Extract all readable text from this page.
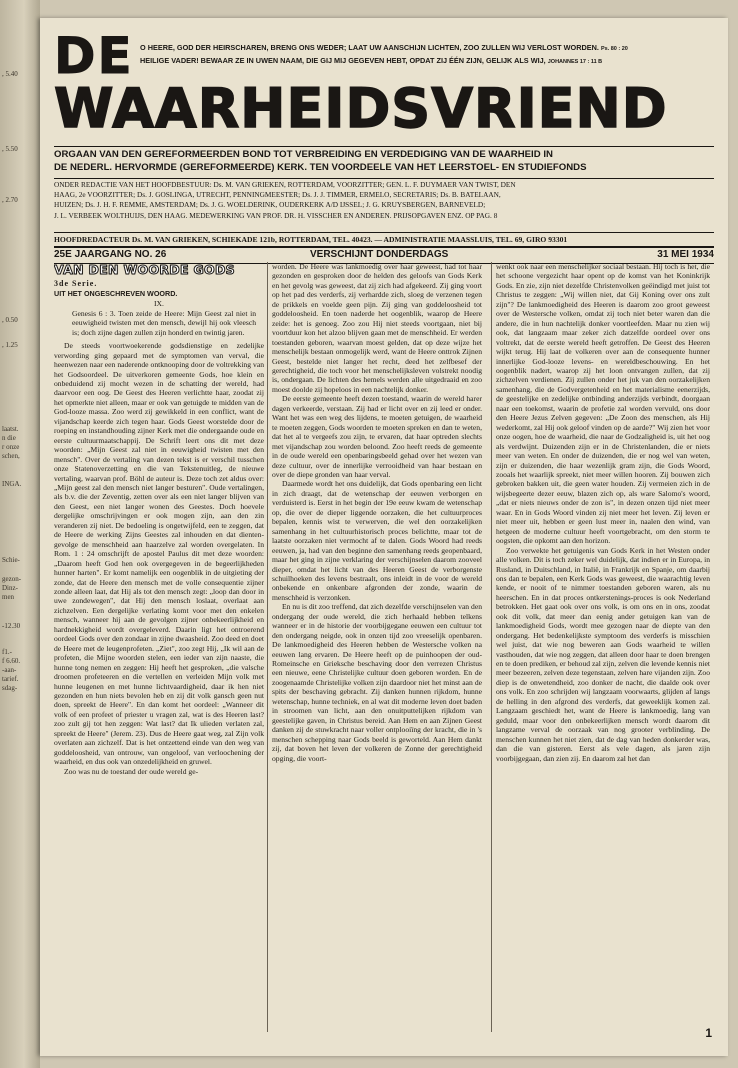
, 5.40
, 5.50
, 2.70
, 0.50
, 1.25
laatst.
n die
r onze
schen,
INGA.
Schie-
gezon-
Dinz-
men
-12.30
f1.-
f 6.60.
-aan-
tarief.
sdag-
DE O HEERE, GOD DER HEIRSCHAREN, BRENG ONS WEDER; LAAT UW AANSCHIJN LICHTEN, ZOO ZULLEN WIJ VERLOST WORDEN. Ps. 80 : 20
HEILIGE VADER! BEWAAR ZE IN UWEN NAAM, DIE GIJ MIJ GEGEVEN HEBT, OPDAT ZIJ ÉÉN ZIJN, GELIJK ALS WIJ, JOHANNES 17 : 11 B
WAARHEIDSVRIEND
ORGAAN VAN DEN GEREFORMEERDEN BOND TOT VERBREIDING EN VERDEDIGING VAN DE WAARHEID IN
DE NEDERL. HERVORMDE (GEREFORMEERDE) KERK. TEN VOORDEELE VAN HET LEERSTOEL- EN STUDIEFONDS
ONDER REDACTIE VAN HET HOOFDBESTUUR: Ds. M. VAN GRIEKEN, ROTTERDAM, VOORZITTER; GEN. L. F. DUYMAER VAN TWIST, DEN
HAAG, 2e VOORZITTER; Ds. J. GOSLINGA, UTRECHT, PENNINGMEESTER; Ds. J. J. TIMMER, ERMELO, SECRETARIS; Ds. B. BATELAAN,
HUIZEN; Ds. J. H. F. REMME, AMSTERDAM; Ds. J. G. WOELDERINK, OUDERKERK A/D IJSSEL; J. G. KRUYSBERGEN, BARNEVELD;
J. L. VERBEEK WOLTHUIJS, DEN HAAG. MEDEWERKING VAN PROF. DR. H. VISSCHER EN ANDEREN. PRIJSOPGAVEN ENZ. OP PAG. 8
HOOFDREDACTEUR Ds. M. VAN GRIEKEN, SCHIEKADE 121b, ROTTERDAM, TEL. 40423. — ADMINISTRATIE MAASSLUIS, TEL. 69, GIRO 93301
25E JAARGANG NO. 26	VERSCHIJNT DONDERDAGS	31 MEI 1934
VAN DEN WOORDE GODS
3de Serie.
UIT HET ONGESCHREVEN WOORD.
IX.
Genesis 6 : 3. Toen zeide de Heere: Mijn Geest zal niet in eeuwigheid twisten met den mensch, dewijl hij ook vleesch is; doch zijne dagen zullen zijn honderd en twintig jaren.

De steeds voortwoekerende godsdienstige en zedelijke verwording ging gepaard met de symptomen van verval, die heenwezen naar een naderende ontknooping door de voltrekking van het Godsoordeel. De uitverkoren gemeente Gods, hoe klein en onbeduidend zij mocht wezen in de schatting der wereld, had daarvoor een oog. De Geest des Heeren verlichtte haar, zoodat zij het opmerkte niet alleen, maar er ook van getuigde te midden van de God-looze massa. Zoo werd zij gewikkeld in een conflict, want de vijandschap keerde zich tegen haar. Gods Geest worstelde door de roeping en instandhouding zijner Kerk met die ondergaande oude en eerste cultuurmaatschappij. De Schrift leert ons dit met deze woorden: „Mijn Geest zal niet in eeuwigheid twisten met den mensch". Over de vertaling van dezen tekst is er verschil tusschen onze Statenoverzetting en die van Tekstenuitleg, de nieuwe vertaling, waarvan prof. Böhl de auteur is. Deze toch zet aldus over: „Mijn geest zal den mensch niet langer besturen". Oude vertalingen, als b.v. die der Zeventig, zetten over als een niet langer blijven van den Geest, een niet langer wonen des Geestes. Doch hoevele dergelijke omschrijvingen er ook mogen zijn, aan den zin veranderen zij niet. De bedoeling is ongetwijfeld, een te zeggen, dat de Heere de werking Zijns Geestes zal inhouden en dat dienten-gevolge de menschheid aan haarzelve zal worden overgelaten. In Rom. 1 : 24 omschrijft de apostel Paulus dit met deze woorden: „Daarom heeft God hen ook overgegeven in de begeerlijkheden hunner harten". Er komt namelijk een oogenblik in de uitgieting der zonde, dat de Heere den mensch met de volle consequentie zijner zonde alleen laat, dat Hij als tot den mensch zegt: „loop dan door in uwe zondewegen", dat Hij den mensch loslaat, overlaat aan zichzelven. Een dergelijke verlating komt voor met den enkelen mensch, wanneer hij aan de gevolgen zijner onbekeerlijkheid en hardnekkigheid wordt overgeleverd. Daarin ligt het ontroerend oordeel Gods over den zondaar in zijne dwaasheid. Zoo deed en doet de Heere met de leugenprofeten. „Ziet", zoo zegt Hij, „Ik wil aan de profeten, die Mijne woorden stelen, een ieder van zijn naaste, die hunne tong nemen en zeggen: Hij heeft het gesproken, „die valsche droomen profeteeren en die vertellen en verleiden Mijn volk met hunne leugenen en met hunne lichtvaardigheid, daar ik hen niet gezonden en hun niets bevolen heb en zij dit volk gansch geen nut doen, spreekt de Heere". En dan komt het oordeel: „Wanneer dit volk of een profeet of priester u vragen zal, wat is des Heeren last? zoo zult gij tot hen zeggen: Wat last? dat Ik ulieden verlaten zal, spreekt de Heere" (Jerem. 23). Dus de Heere gaat weg, zal Zijn volk overlaten aan zichzelf. Dat is het ontzettend einde van den weg van goddeloosheid, van ontrouw, van ongeloof, van verloochening der waarheid, en dus ook van onzedelijkheid en gruwel.

Zoo was nu de toestand der oude wereld ge-

worden. De Heere was lankmoedig over haar geweest, had tot haar gezonden en gesproken door de helden des geloofs van Gods Kerk en het gevolg was geweest, dat zij zich had afgekeerd. Zij ging voort op het pad des verderfs, zij verhardde zich, sloeg de verzenen tegen de prikkels en voelde geen pijn. Zij ging van goddeloosheid tot goddeloosheid. En toen naderde het oogenblik, waarop de Heere zeide: het is genoeg. Zoo zou Hij niet steeds voortgaan, niet bij voortduur kon het alzoo blijven gaan met de menschheid. Er werden toestanden geboren, waarvan moest gelden, dat op deze wijze het menschelijk bestaan onmogelijk werd, want de Heere onttrok Zijnen Geest, bestelde niet langer het recht, deed het zelfbesef der gerechtigheid, die toch voor het menschelijksleven volstrekt noodig is, ondergaan. De lichten des hemels werden alle uitgedraaid en zoo moest doolde zij hopeloos in een nachtelijk donker.

De eerste gemeente heeft dezen toestand, waarin de wereld harer dagen verkeerde, verstaan. Zij had er licht over en zij leed er onder. Want het was een weg des lijdens, te moeten getuigen, de waarheid te moeten zeggen, Gods woorden te moeten spreken en dan te weten, dat het al te vergeefs zou zijn, te ervaren, dat haar optreden slechts met vijandschap zou worden beloond. Zoo heeft reeds de gemeente in de oude wereld een openbaringsbeeld gehad over het wezen van deze cultuur, over de innerlijke verrooidheid van haar bestaan en over de diepe gronden van haar verval.

Daarmede wordt het ons duidelijk, dat Gods openbaring een licht in zich draagt, dat de wetenschap der eeuwen verborgen en verduisterd is. Eerst in het begin der 19e eeuw kwam de wetenschap op, die over de dieper liggende oorzaken, die het cultuurproces bepalen, kennis wist te verwerven, die wel den oorzakelijken samenhang in het cultuurhistorisch proces belichtte, maar tot de laatste oorzaken niet vermocht af te dalen. Gods Woord had reeds eeuwen, ja, had van den beginne den samenhang reeds geopenbaard, maar het ging in zijne verklaring der verschijnselen daarom zooveel dieper, omdat het licht van des Heeren Geest de verborgenste schuilhoeken des levens bestraalt, ons inleidt in de voor de wereld onbekende en onkenbare afgronden der zonde, waarin de menschheid is verzonken.

En nu is dit zoo treffend, dat zich dezelfde verschijnselen van den ondergang der oude wereld, die zich herhaald hebben telkens wanneer er in de historie der voorbijgegane eeuwen een cultuur tot den ondergang neigde, ook in onzen tijd zoo vreeselijk openbaren. De lankmoedigheid des Heeren hebben de Westersche volken na eeuwen lang ervaren. De Heere heeft op de puinhoopen der oud-Romeinsche en Grieksche beschaving door den verrezen Christus een nieuwe, eene Christelijke cultuur doen geboren worden. En de zoogenaamde Christelijke volken zijn daardoor niet het minst aan de spits der beschaving gebracht. Zij danken hunnen rijkdom, hunne wetenschap, hunne techniek, en al wat dit moderne leven doet baden in stroomen van licht, aan den onuitputtelijken rijkdom van geestelijke gaven, in Christus bereid. Aan Hem en aan Zijnen Geest danken zij de stuwkracht naar voller ontplooiïng der kracht, die in 's menschen schepping naar Gods beeld is geworteld. Aan Hem dankt zij, dat boven het leven der volkeren de Zonne der gerechtigheid opging, die voort-

wenkt ook naar een menschelijker sociaal bestaan. Hij toch is het, die het schoone vergezicht haar opent op de komst van het Koninkrijk Gods. En zie, zijn niet dezelfde Christenvolken geëindigd met juist tot Christus te zeggen: „Wij willen niet, dat Gij Koning over ons zult zijn"? De lankmoedigheid des Heeren is daarom zoo groot geweest over de Westersche volken, omdat zij toch niet beter waren dan die andere, die in hun nachtelijk donker voortleefden. Maar nu zien wij ook, dat langzaam maar zeker zich datzelfde oordeel over ons voltrekt, dat de eerste wereld heeft getroffen. De Geest des Heeren wijkt terug. Hij laat de volkeren over aan de consequente hunner innerlijke God-looze levens- en wereldbeschouwing. En het oogenblik nadert, waarop zij het loon ontvangen zullen, dat zij zichzelven verdienen. Zij zullen onder het juk van den oorzakelijken samenhang, die de Godvergetenheid en het materialisme eenerzijds, de geestelijke en zedelijke ontbinding anderzijds verbindt, doorgaan naar een toekomst, waarin de profetie zal worden vervuld, ons door den Heere Jezus Zelven gegeven: „De Zoon des menschen, als Hij wederkomt, zal Hij ook geloof vinden op de aarde?" Wij zien het voor onze oogen, hoe de waarheid, die naar de Godzaligheid is, uit het oog als verdwijnt. Duizenden zijn er in de Christenlanden, die er niets meer van weten. En onder de duizenden, die er nog wel van weten, zijn er duizenden, die haar wezenlijk gram zijn, die Gods Woord, zooals het waarlijk spreekt, niet meer willen hooren. Zij bouwen zich gebroken bakken uit, die geen water houden. Zij vermeien zich in de wijsbegeerte dezer eeuw, blazen zich op, als ware Salomo's woord, „dat er niets nieuws onder de zon is", in dezen onzen tijd niet meer waar. En in Gods Woord vinden zij niet meer het leven. Zij leven er niet meer uit, hebben er geen lust meer in, naalen den wind, van hetgeen de moderne cultuur heeft voortgebracht, om den storm te oogsten, die opkomt aan den horizon.

Zoo verwekte het getuigenis van Gods Kerk in het Westen onder alle volken. Dit is toch zeker wel duidelijk, dat indien er in Europa, in Rusland, in Duitschland, in Italië, in Frankrijk en Spanje, om daarbij ons dan te bepalen, een Kerk Gods was geweest, die waarachtig leven kende, er nooit of te nimmer toestanden geboren waren, als nu heerschen. En in dat proces ontkerstenings-proces is ook Nederland betrokken. Het gaat ook over ons volk, is om ons en in ons, zoodat ook dit volk, dat meer dan eenig ander getuigen kan van de lankmoedigheid Gods, wordt mee gezogen naar de diepte van den ondergang. Het bedenkelijkste symptoom des verderfs is misschien wel juist, dat wie nog beweren aan Gods waarheid te willen vasthouden, dat wie nog zeggen, dat alleen door haar te doen brengen en te doen prediken, er behoud zal zijn, zelven die levende kennis niet meer bezeeren, zelven deze tegenstaan, zelven hare vijanden zijn. Zoo diep is de onwetendheid, zoo donker de nacht, die daalde ook over ons volk. En zoo schrijden wij langzaam voorwaarts, glijden af langs de helling in den afgrond des verderfs, dat geweeklijk komen zal. Langzaam geschiedt het, want de Heere is lankmoedig, lang van geduld, maar voor den onbekeerlijken mensch wordt daarom dit langzame verval de oorzaak van nog grooter verblinding. De menschen kunnen het niet zien, dat de dag van heden donkerder was, dan die van gisteren. Eerst als vele dagen, als jaren zijn voorbijgegaan, dan zien zij. En daarom zal het dan

1
